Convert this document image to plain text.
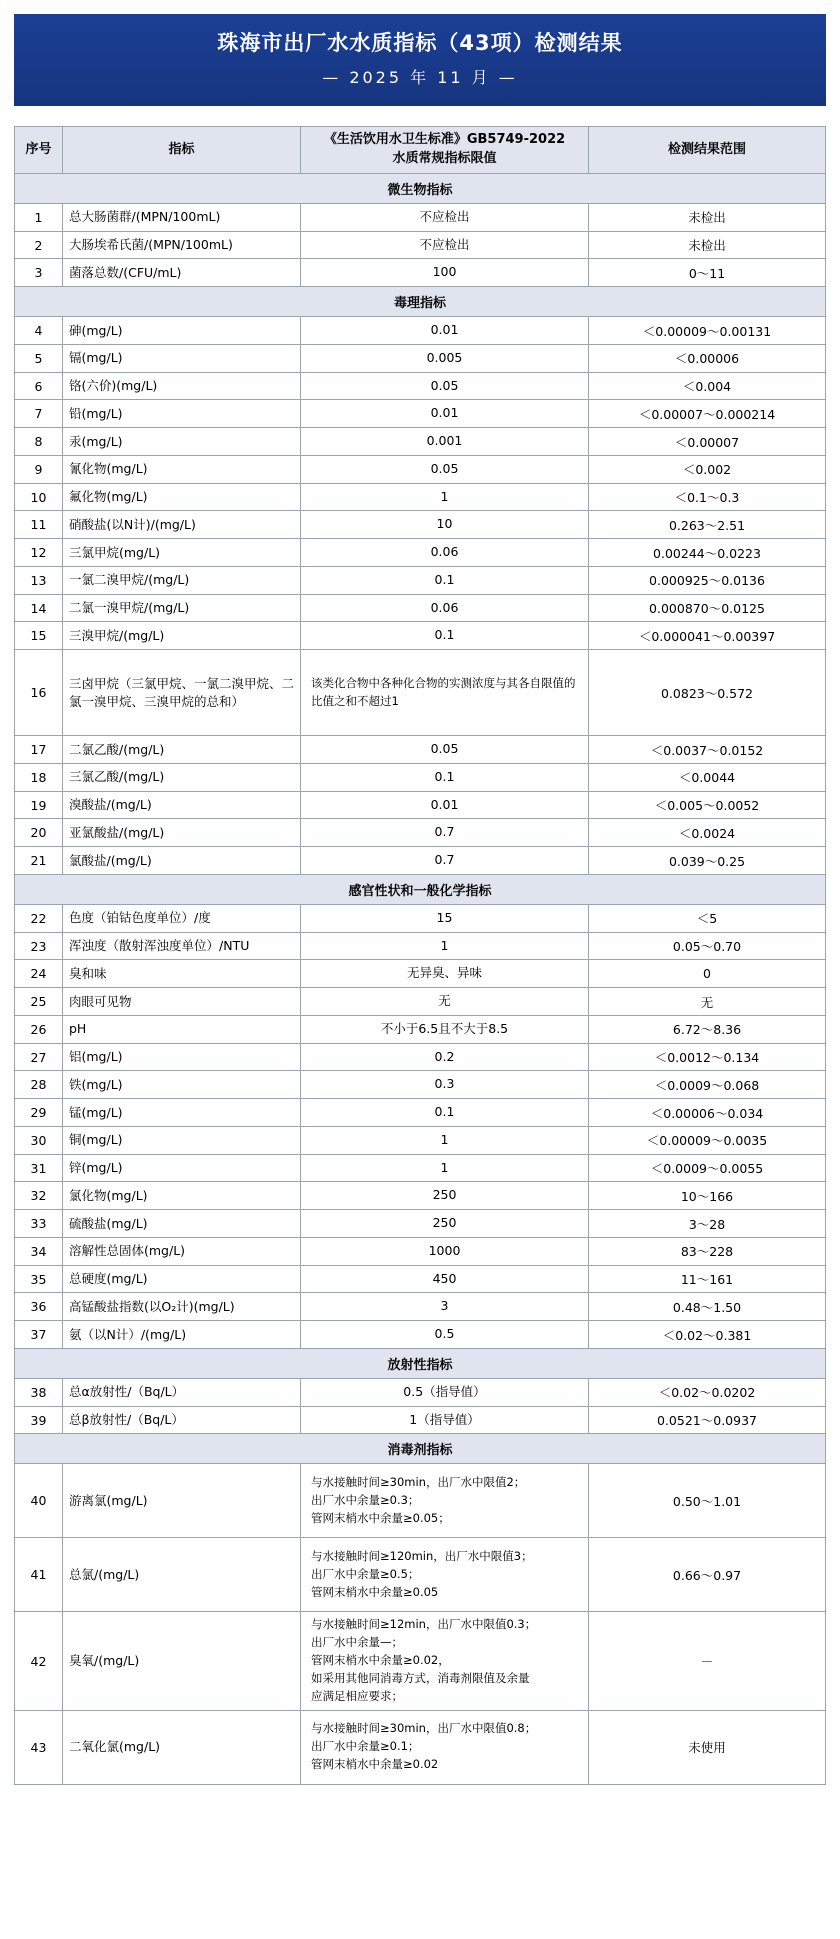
珠海市出厂水水质指标（43项）检测结果
— 2025 年 11 月 —
序号	指标	《生活饮用水卫生标准》GB5749-2022
水质常规指标限值	检测结果范围
微生物指标			
1	总大肠菌群/(MPN/100mL)	不应检出	未检出
2	大肠埃希氏菌/(MPN/100mL)	不应检出	未检出
3	菌落总数/(CFU/mL)	100	0～11
毒理指标			
4	砷(mg/L)	0.01	＜0.00009～0.00131
5	镉(mg/L)	0.005	＜0.00006
6	铬(六价)(mg/L)	0.05	＜0.004
7	铅(mg/L)	0.01	＜0.00007～0.000214
8	汞(mg/L)	0.001	＜0.00007
9	氰化物(mg/L)	0.05	＜0.002
10	氟化物(mg/L)	1	＜0.1～0.3
11	硝酸盐(以N计)/(mg/L)	10	0.263～2.51
12	三氯甲烷(mg/L)	0.06	0.00244～0.0223
13	一氯二溴甲烷/(mg/L)	0.1	0.000925～0.0136
14	二氯一溴甲烷/(mg/L)	0.06	0.000870～0.0125
15	三溴甲烷/(mg/L)	0.1	＜0.000041～0.00397
16	三卤甲烷（三氯甲烷、一氯二溴甲烷、二氯一溴甲烷、三溴甲烷的总和）	该类化合物中各种化合物的实测浓度与其各自限值的比值之和不超过1	0.0823～0.572
17	二氯乙酸/(mg/L)	0.05	＜0.0037～0.0152
18	三氯乙酸/(mg/L)	0.1	＜0.0044
19	溴酸盐/(mg/L)	0.01	＜0.005～0.0052
20	亚氯酸盐/(mg/L)	0.7	＜0.0024
21	氯酸盐/(mg/L)	0.7	0.039～0.25
感官性状和一般化学指标			
22	色度（铂钴色度单位）/度	15	＜5
23	浑浊度（散射浑浊度单位）/NTU	1	0.05～0.70
24	臭和味	无异臭、异味	0
25	肉眼可见物	无	无
26	pH	不小于6.5且不大于8.5	6.72～8.36
27	铝(mg/L)	0.2	＜0.0012～0.134
28	铁(mg/L)	0.3	＜0.0009～0.068
29	锰(mg/L)	0.1	＜0.00006～0.034
30	铜(mg/L)	1	＜0.00009～0.0035
31	锌(mg/L)	1	＜0.0009～0.0055
32	氯化物(mg/L)	250	10～166
33	硫酸盐(mg/L)	250	3～28
34	溶解性总固体(mg/L)	1000	83～228
35	总硬度(mg/L)	450	11～161
36	高锰酸盐指数(以O₂计)(mg/L)	3	0.48～1.50
37	氨（以N计）/(mg/L)	0.5	＜0.02～0.381
放射性指标			
38	总α放射性/（Bq/L）	0.5（指导值）	＜0.02～0.0202
39	总β放射性/（Bq/L）	1（指导值）	0.0521～0.0937
消毒剂指标			
40	游离氯(mg/L)	与水接触时间≥30min，出厂水中限值2；
出厂水中余量≥0.3；
管网末梢水中余量≥0.05；	0.50～1.01
41	总氯/(mg/L)	与水接触时间≥120min，出厂水中限值3；
出厂水中余量≥0.5；
管网末梢水中余量≥0.05	0.66～0.97
42	臭氧/(mg/L)	与水接触时间≥12min，出厂水中限值0.3；
出厂水中余量—；
管网末梢水中余量≥0.02，
如采用其他同消毒方式，消毒剂限值及余量
应满足相应要求；	－
43	二氧化氯(mg/L)	与水接触时间≥30min，出厂水中限值0.8；
出厂水中余量≥0.1；
管网末梢水中余量≥0.02	未使用
